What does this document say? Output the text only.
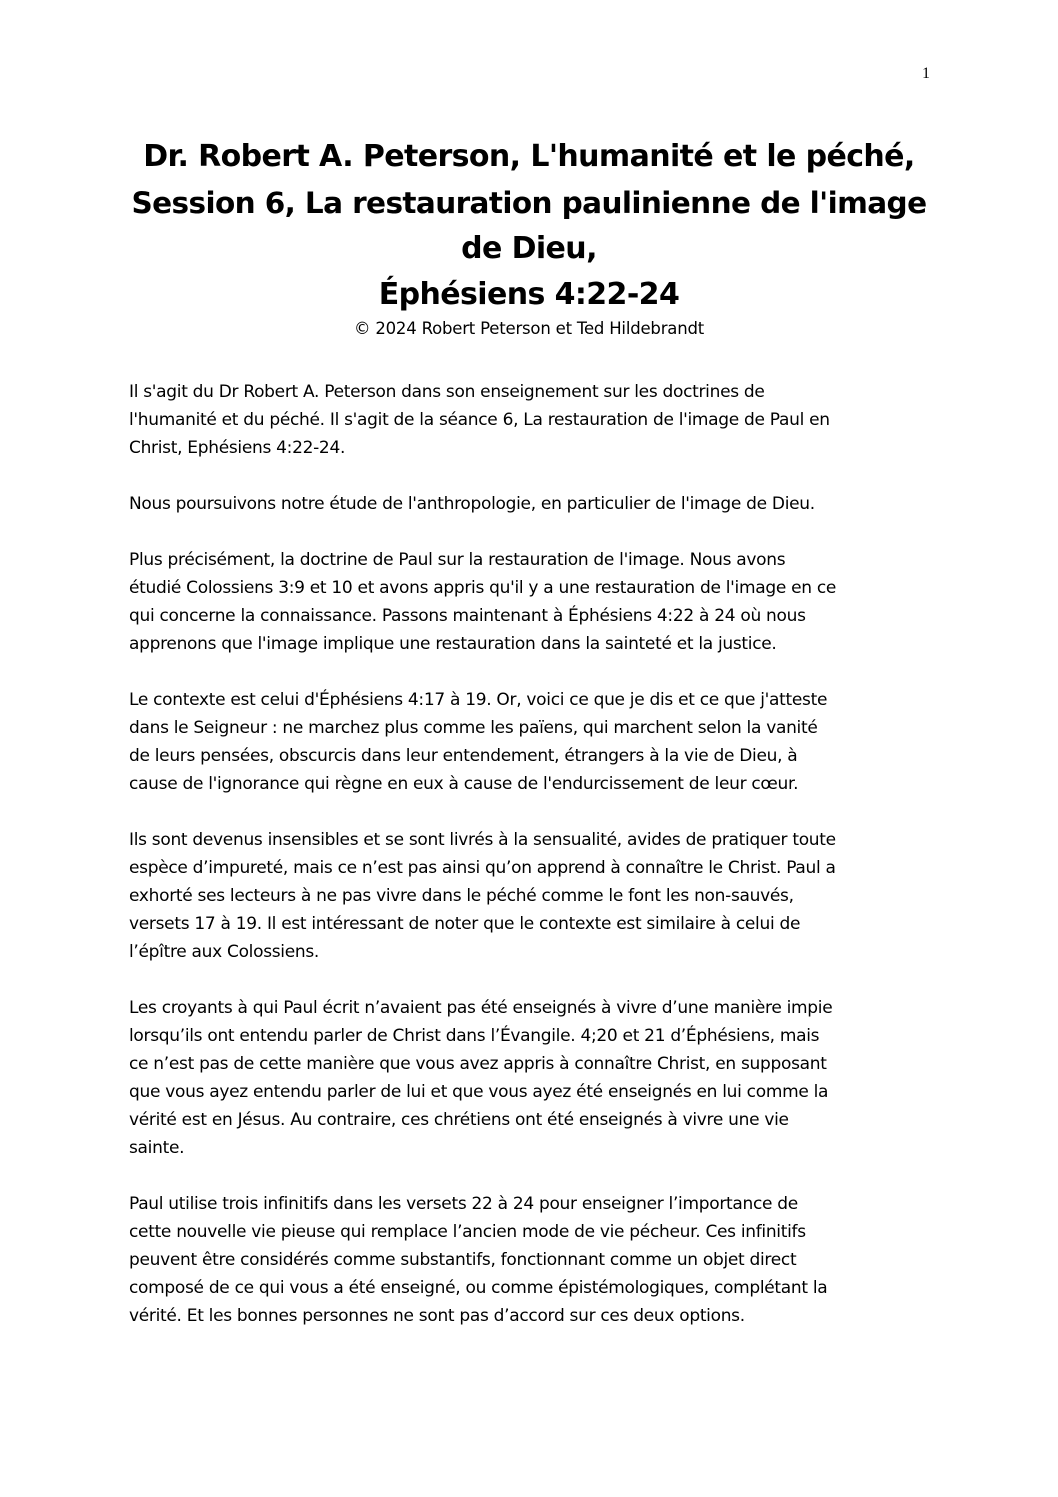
1
Dr. Robert A. Peterson, L'humanité et le péché,
Session 6, La restauration paulinienne de l'image
de Dieu,
Éphésiens 4:22-24
© 2024 Robert Peterson et Ted Hildebrandt

Il s'agit du Dr Robert A. Peterson dans son enseignement sur les doctrines de
l'humanité et du péché. Il s'agit de la séance 6, La restauration de l'image de Paul en
Christ, Ephésiens 4:22-24.

Nous poursuivons notre étude de l'anthropologie, en particulier de l'image de Dieu.

Plus précisément, la doctrine de Paul sur la restauration de l'image. Nous avons
étudié Colossiens 3:9 et 10 et avons appris qu'il y a une restauration de l'image en ce
qui concerne la connaissance. Passons maintenant à Éphésiens 4:22 à 24 où nous
apprenons que l'image implique une restauration dans la sainteté et la justice.

Le contexte est celui d'Éphésiens 4:17 à 19. Or, voici ce que je dis et ce que j'atteste
dans le Seigneur : ne marchez plus comme les païens, qui marchent selon la vanité
de leurs pensées, obscurcis dans leur entendement, étrangers à la vie de Dieu, à
cause de l'ignorance qui règne en eux à cause de l'endurcissement de leur cœur.

Ils sont devenus insensibles et se sont livrés à la sensualité, avides de pratiquer toute
espèce d’impureté, mais ce n’est pas ainsi qu’on apprend à connaître le Christ. Paul a
exhorté ses lecteurs à ne pas vivre dans le péché comme le font les non-sauvés,
versets 17 à 19. Il est intéressant de noter que le contexte est similaire à celui de
l’épître aux Colossiens.

Les croyants à qui Paul écrit n’avaient pas été enseignés à vivre d’une manière impie
lorsqu’ils ont entendu parler de Christ dans l’Évangile. 4;20 et 21 d’Éphésiens, mais
ce n’est pas de cette manière que vous avez appris à connaître Christ, en supposant
que vous ayez entendu parler de lui et que vous ayez été enseignés en lui comme la
vérité est en Jésus. Au contraire, ces chrétiens ont été enseignés à vivre une vie
sainte.

Paul utilise trois infinitifs dans les versets 22 à 24 pour enseigner l’importance de
cette nouvelle vie pieuse qui remplace l’ancien mode de vie pécheur. Ces infinitifs
peuvent être considérés comme substantifs, fonctionnant comme un objet direct
composé de ce qui vous a été enseigné, ou comme épistémologiques, complétant la
vérité. Et les bonnes personnes ne sont pas d’accord sur ces deux options.
